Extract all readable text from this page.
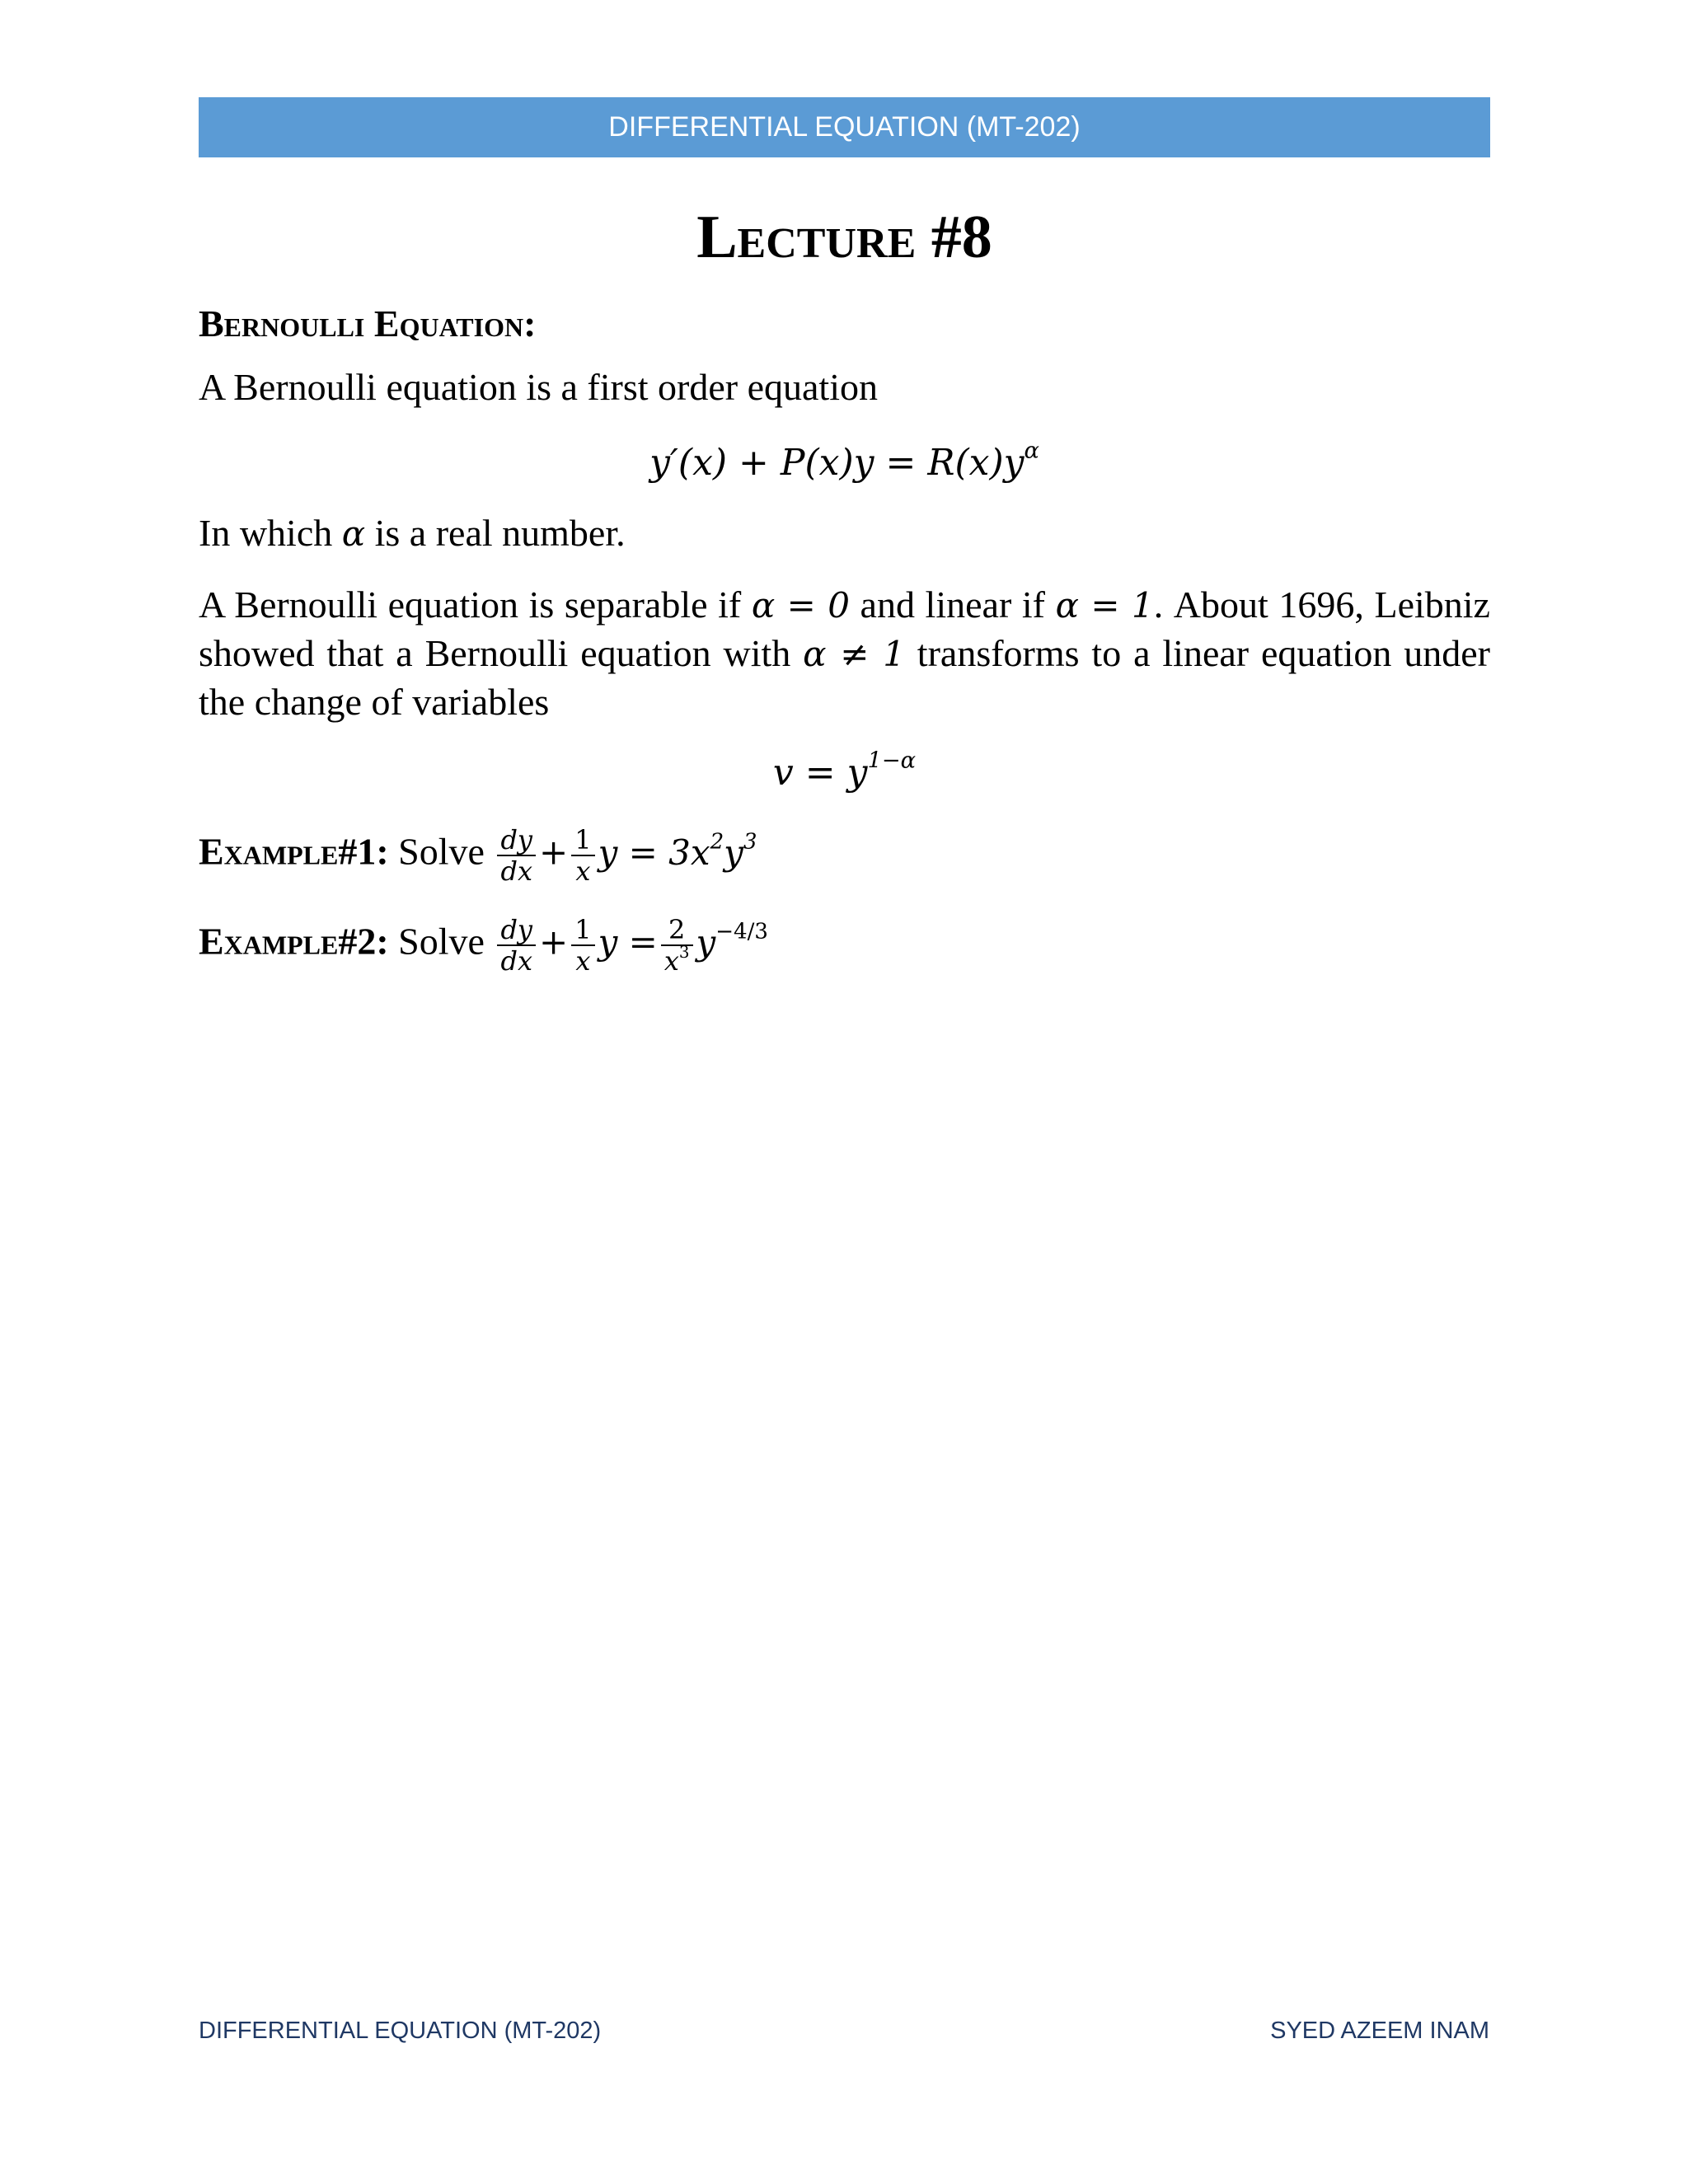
DIFFERENTIAL EQUATION (MT-202)
Lecture #8
Bernoulli Equation:
A Bernoulli equation is a first order equation
$y'(x) + P(x)y = R(x)y^\alpha$
In which α is a real number.
A Bernoulli equation is separable if α = 0 and linear if α = 1. About 1696, Leibniz showed that a Bernoulli equation with α ≠ 1 transforms to a linear equation under the change of variables
$v = y^{1-\alpha}$
Example#1: Solve $\frac{dy}{dx} + \frac{1}{x}$ $y = 3x^2y^3$
Example#2: Solve $\frac{dy}{dx} + \frac{1}{x}$ $y = \frac{2}{x^3} y^{-4/3}$
DIFFERENTIAL EQUATION (MT-202)	SYED AZEEM INAM
